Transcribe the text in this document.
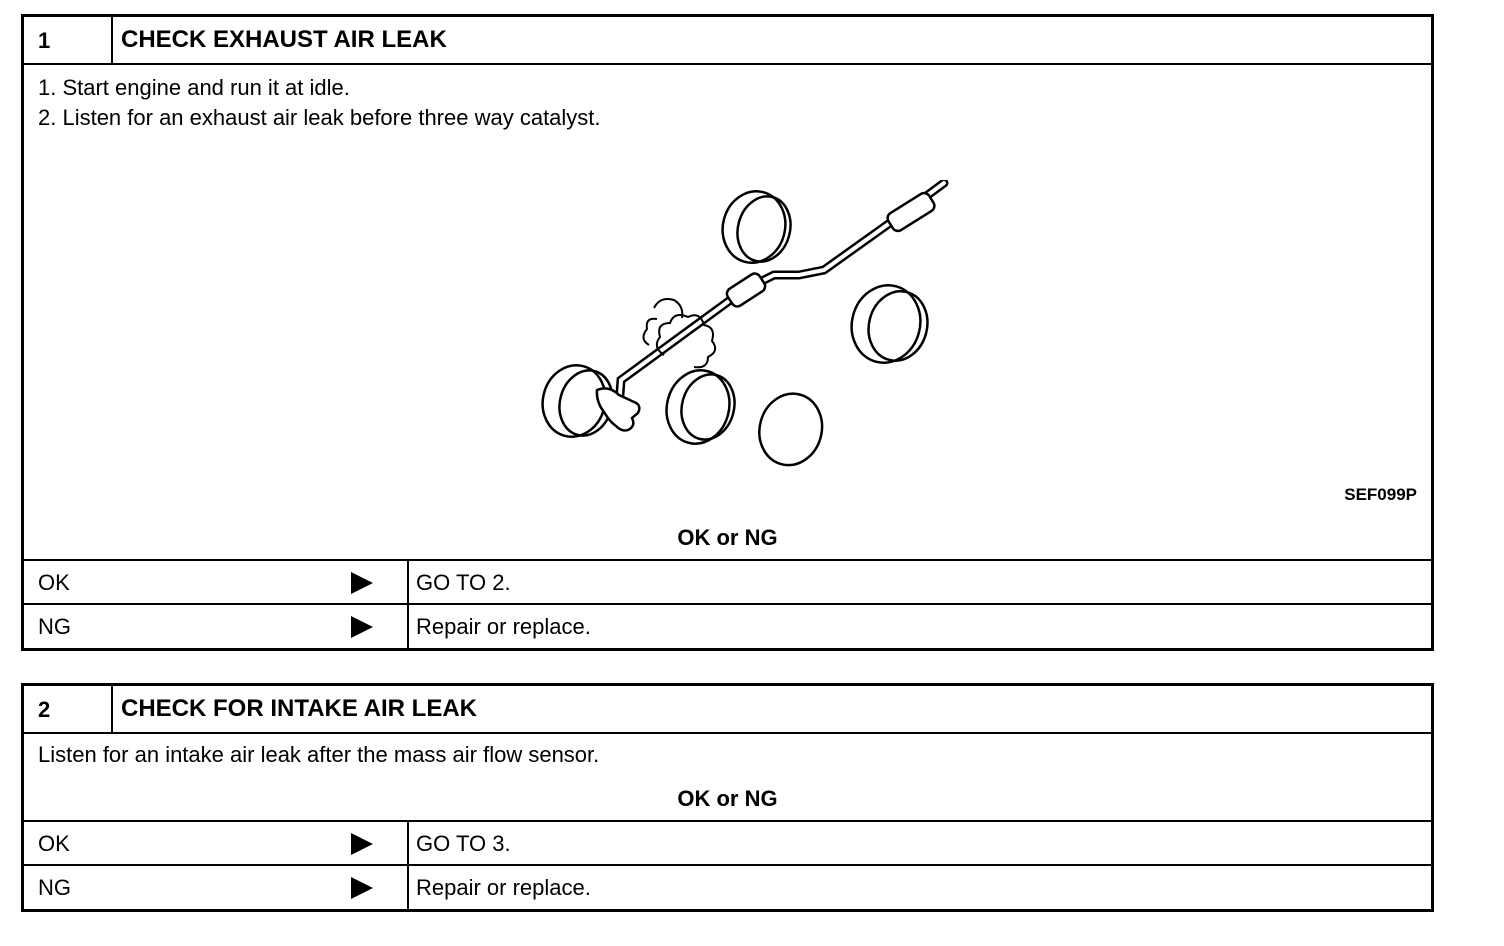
1	CHECK EXHAUST AIR LEAK
1. Start engine and run it at idle.
2. Listen for an exhaust air leak before three way catalyst.
SEF099P
OK or NG
OK	GO TO 2.
NG	Repair or replace.
2	CHECK FOR INTAKE AIR LEAK
Listen for an intake air leak after the mass air flow sensor.
OK or NG
OK	GO TO 3.
NG	Repair or replace.
